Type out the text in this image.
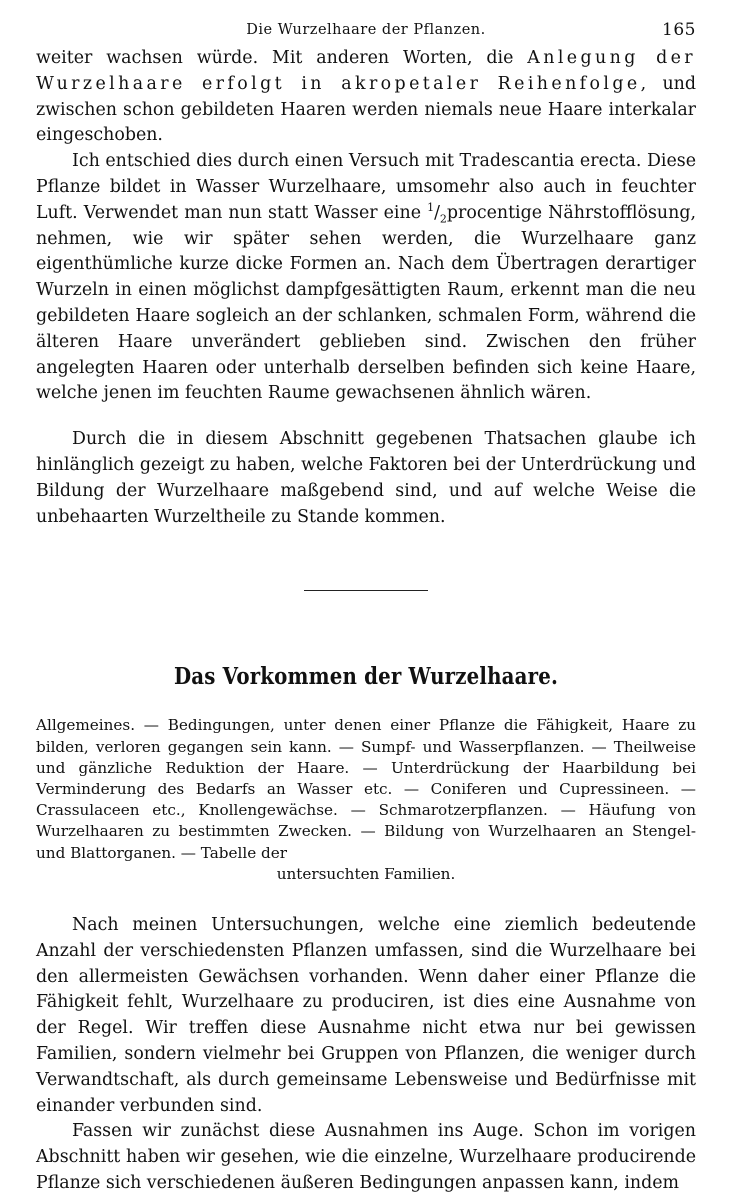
Die Wurzelhaare der Pflanzen.	165

weiter wachsen würde. Mit anderen Worten, die Anlegung der Wurzelhaare erfolgt in akropetaler Reihenfolge, und zwischen schon gebildeten Haaren werden niemals neue Haare interkalar eingeschoben.

Ich entschied dies durch einen Versuch mit Tradescantia erecta. Diese Pflanze bildet in Wasser Wurzelhaare, umsomehr also auch in feuchter Luft. Verwendet man nun statt Wasser eine $^1/_2procentige$ Nährstofflösung, nehmen, wie wir später sehen werden, die Wurzelhaare ganz eigenthümliche kurze dicke Formen an. Nach dem Übertragen derartiger Wurzeln in einen möglichst dampfgesättigten Raum, erkennt man die neu gebildeten Haare sogleich an der schlanken, schmalen Form, während die älteren Haare unverändert geblieben sind. Zwischen den früher angelegten Haaren oder unterhalb derselben befinden sich keine Haare, welche jenen im feuchten Raume gewachsenen ähnlich wären.

Durch die in diesem Abschnitt gegebenen Thatsachen glaube ich hinlänglich gezeigt zu haben, welche Faktoren bei der Unterdrückung und Bildung der Wurzelhaare maßgebend sind, und auf welche Weise die unbehaarten Wurzeltheile zu Stande kommen.

Das Vorkommen der Wurzelhaare.

Allgemeines. — Bedingungen, unter denen einer Pflanze die Fähigkeit, Haare zu bilden, verloren gegangen sein kann. — Sumpf- und Wasserpflanzen. — Theilweise und gänzliche Reduktion der Haare. — Unterdrückung der Haarbildung bei Verminderung des Bedarfs an Wasser etc. — Coniferen und Cupressineen. — Crassulaceen etc., Knollengewächse. — Schmarotzerpflanzen. — Häufung von Wurzelhaaren zu bestimmten Zwecken. — Bildung von Wurzelhaaren an Stengel- und Blattorganen. — Tabelle der

untersuchten Familien.

Nach meinen Untersuchungen, welche eine ziemlich bedeutende Anzahl der verschiedensten Pflanzen umfassen, sind die Wurzelhaare bei den allermeisten Gewächsen vorhanden. Wenn daher einer Pflanze die Fähigkeit fehlt, Wurzelhaare zu produciren, ist dies eine Ausnahme von der Regel. Wir treffen diese Ausnahme nicht etwa nur bei gewissen Familien, sondern vielmehr bei Gruppen von Pflanzen, die weniger durch Verwandtschaft, als durch gemeinsame Lebensweise und Bedürfnisse mit einander verbunden sind.

Fassen wir zunächst diese Ausnahmen ins Auge. Schon im vorigen Abschnitt haben wir gesehen, wie die einzelne, Wurzelhaare producirende Pflanze sich verschiedenen äußeren Bedingungen anpassen kann, indem
